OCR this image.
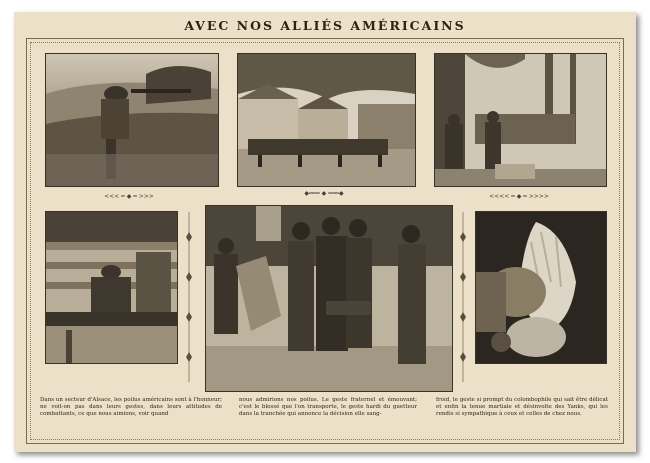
AVEC NOS ALLIÉS AMÉRICAINS
<<< ━ ◆ ━ >>>	◆═══ ◆ ═══◆	<<<< ━ ◆ ━ >>>>
Dans un secteur d'Alsace, les poilus américains sont à l'honneur; ne voit-on pas dans leurs gestes, dans leurs attitudes de combattants, ce que nous aimions, voir quand
nous admirions nos poilus. Le geste fraternel et émouvant; c'est le blessé que l'on transporte, le geste hardi du guetteur dans la tranchée qui annonce la décision elle sang-
froid, le geste si prompt du colombophile qui sait être délicat et enfin la tenue martiale et désinvolte des Yanks, qui les rendis si sympathique à ceux et celles de chez nous.
